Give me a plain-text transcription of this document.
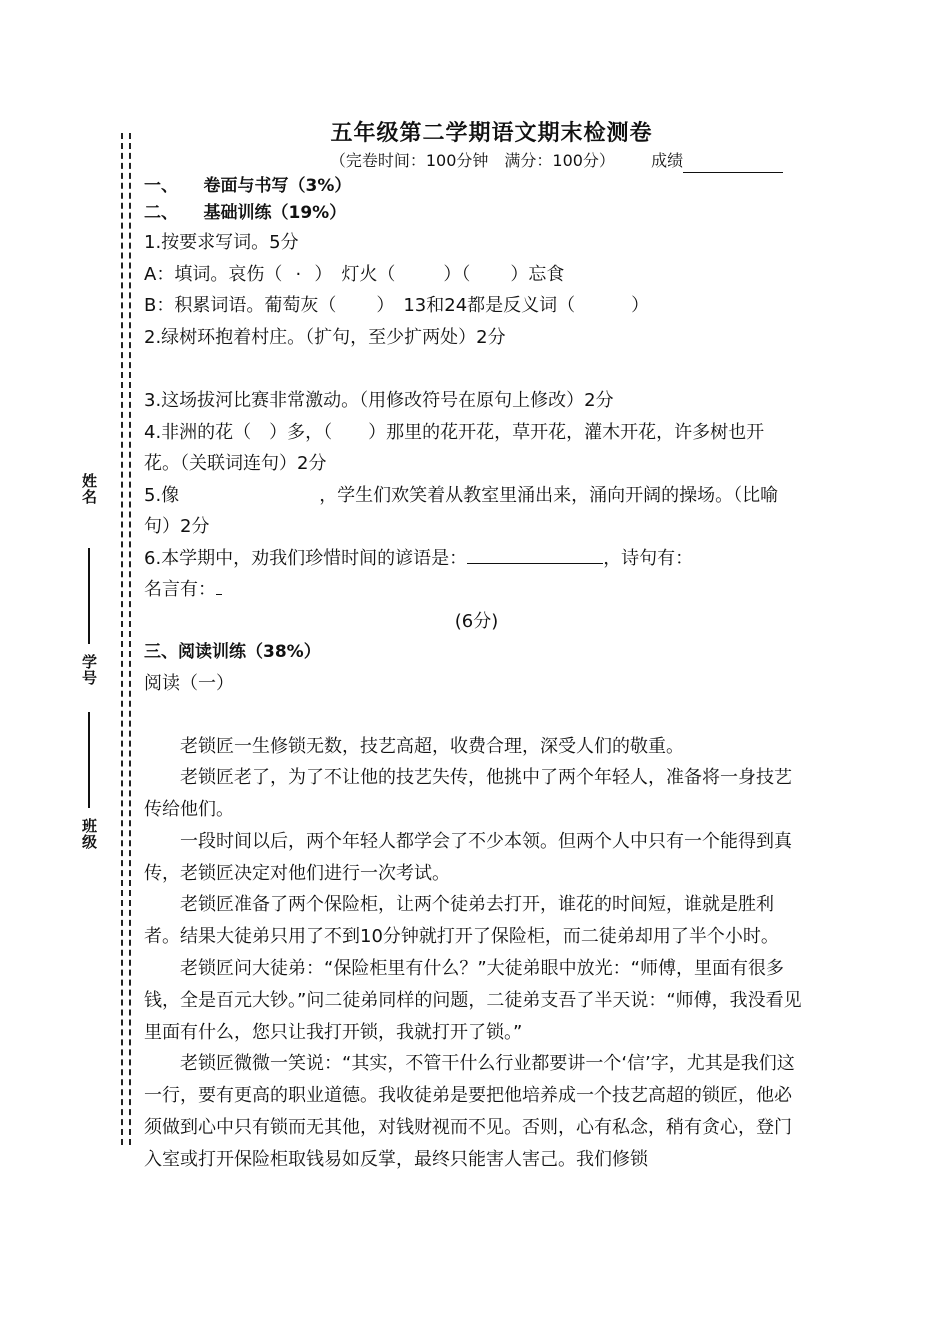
姓名
学号
班级
五年级第二学期语文期末检测卷
（完卷时间：100分钟　满分：100分） 成绩
一、　　卷面与书写（3%）
二、　　基础训练（19%）
1.按要求写词。5分
A：填词。哀伤（ · ）　灯火（	）（ ）忘食
B：积累词语。葡萄灰（ ）　13和24都是反义词（	）
2.绿树环抱着村庄。（扩句，至少扩两处）2分
3.这场拔河比赛非常激动。（用修改符号在原句上修改）2分
4.非洲的花（　）多，（　　）那里的花开花，草开花，灌木开花，许多树也开
花。（关联词连句）2分
5.像	，学生们欢笑着从教室里涌出来，涌向开阔的操场。（比喻
句）2分
6.本学期中，劝我们珍惜时间的谚语是：	，诗句有：
名言有：
(6分)
三、阅读训练（38%）
阅读（一）
老锁匠一生修锁无数，技艺高超，收费合理，深受人们的敬重。
老锁匠老了，为了不让他的技艺失传，他挑中了两个年轻人，准备将一身技艺传给他们。
一段时间以后，两个年轻人都学会了不少本领。但两个人中只有一个能得到真传，老锁匠决定对他们进行一次考试。
老锁匠准备了两个保险柜，让两个徒弟去打开，谁花的时间短，谁就是胜利者。结果大徒弟只用了不到10分钟就打开了保险柜，而二徒弟却用了半个小时。
老锁匠问大徒弟：“保险柜里有什么？”大徒弟眼中放光：“师傅，里面有很多钱，全是百元大钞。”问二徒弟同样的问题，二徒弟支吾了半天说：“师傅，我没看见里面有什么，您只让我打开锁，我就打开了锁。”
老锁匠微微一笑说：“其实，不管干什么行业都要讲一个‘信’字，尤其是我们这一行，要有更高的职业道德。我收徒弟是要把他培养成一个技艺高超的锁匠，他必须做到心中只有锁而无其他，对钱财视而不见。否则，心有私念，稍有贪心，登门入室或打开保险柜取钱易如反掌，最终只能害人害己。我们修锁
